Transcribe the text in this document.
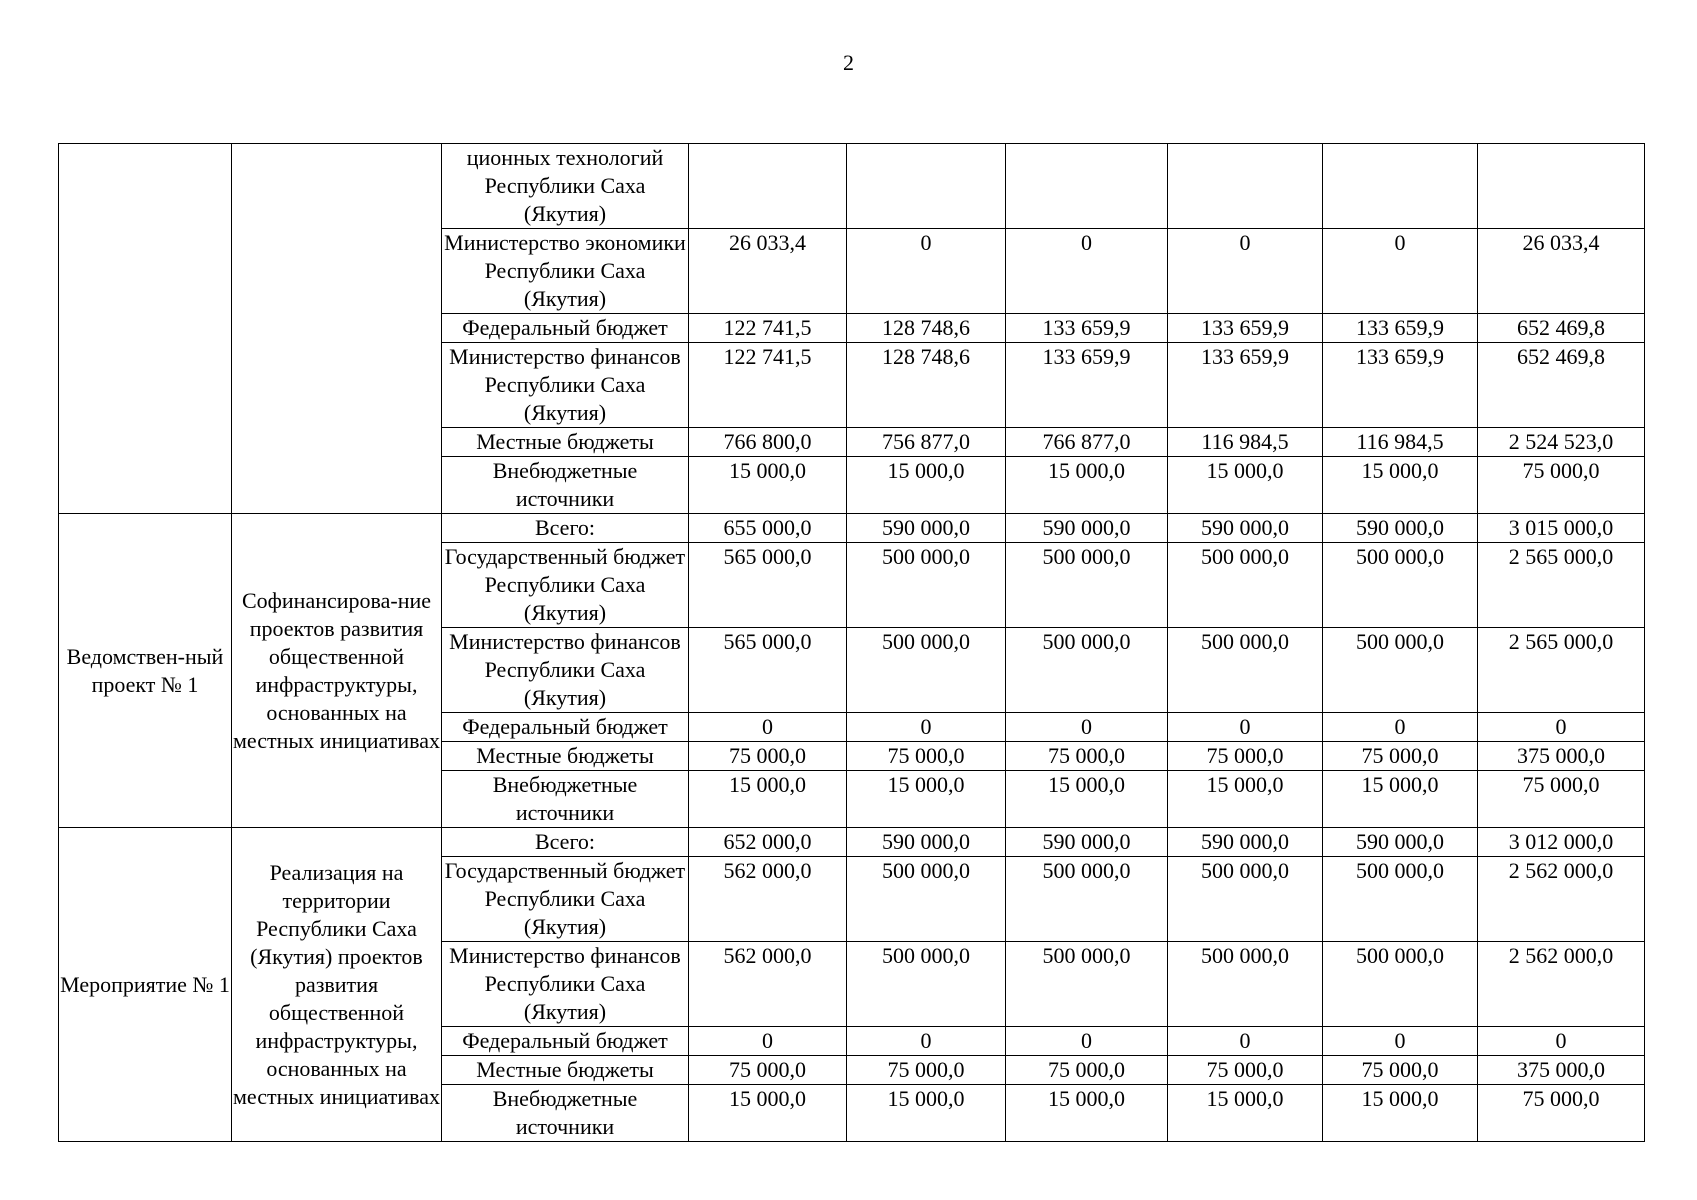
2
		ционных технологий Республики Саха (Якутия)						
		Министерство экономики Республики Саха (Якутия)	26 033,4	0	0	0	0	26 033,4
		Федеральный бюджет	122 741,5	128 748,6	133 659,9	133 659,9	133 659,9	652 469,8
		Министерство финансов Республики Саха (Якутия)	122 741,5	128 748,6	133 659,9	133 659,9	133 659,9	652 469,8
		Местные бюджеты	766 800,0	756 877,0	766 877,0	116 984,5	116 984,5	2 524 523,0
		Внебюджетные источники	15 000,0	15 000,0	15 000,0	15 000,0	15 000,0	75 000,0
Ведомствен-ный проект № 1	Софинансирова-ние проектов развития общественной инфраструктуры, основанных на местных инициативах	Всего:	655 000,0	590 000,0	590 000,0	590 000,0	590 000,0	3 015 000,0
		Государственный бюджет Республики Саха (Якутия)	565 000,0	500 000,0	500 000,0	500 000,0	500 000,0	2 565 000,0
		Министерство финансов Республики Саха (Якутия)	565 000,0	500 000,0	500 000,0	500 000,0	500 000,0	2 565 000,0
		Федеральный бюджет	0	0	0	0	0	0
		Местные бюджеты	75 000,0	75 000,0	75 000,0	75 000,0	75 000,0	375 000,0
		Внебюджетные источники	15 000,0	15 000,0	15 000,0	15 000,0	15 000,0	75 000,0
Мероприятие № 1	Реализация на территории Республики Саха (Якутия) проектов развития общественной инфраструктуры, основанных на местных инициативах	Всего:	652 000,0	590 000,0	590 000,0	590 000,0	590 000,0	3 012 000,0
		Государственный бюджет Республики Саха (Якутия)	562 000,0	500 000,0	500 000,0	500 000,0	500 000,0	2 562 000,0
		Министерство финансов Республики Саха (Якутия)	562 000,0	500 000,0	500 000,0	500 000,0	500 000,0	2 562 000,0
		Федеральный бюджет	0	0	0	0	0	0
		Местные бюджеты	75 000,0	75 000,0	75 000,0	75 000,0	75 000,0	375 000,0
		Внебюджетные источники	15 000,0	15 000,0	15 000,0	15 000,0	15 000,0	75 000,0
